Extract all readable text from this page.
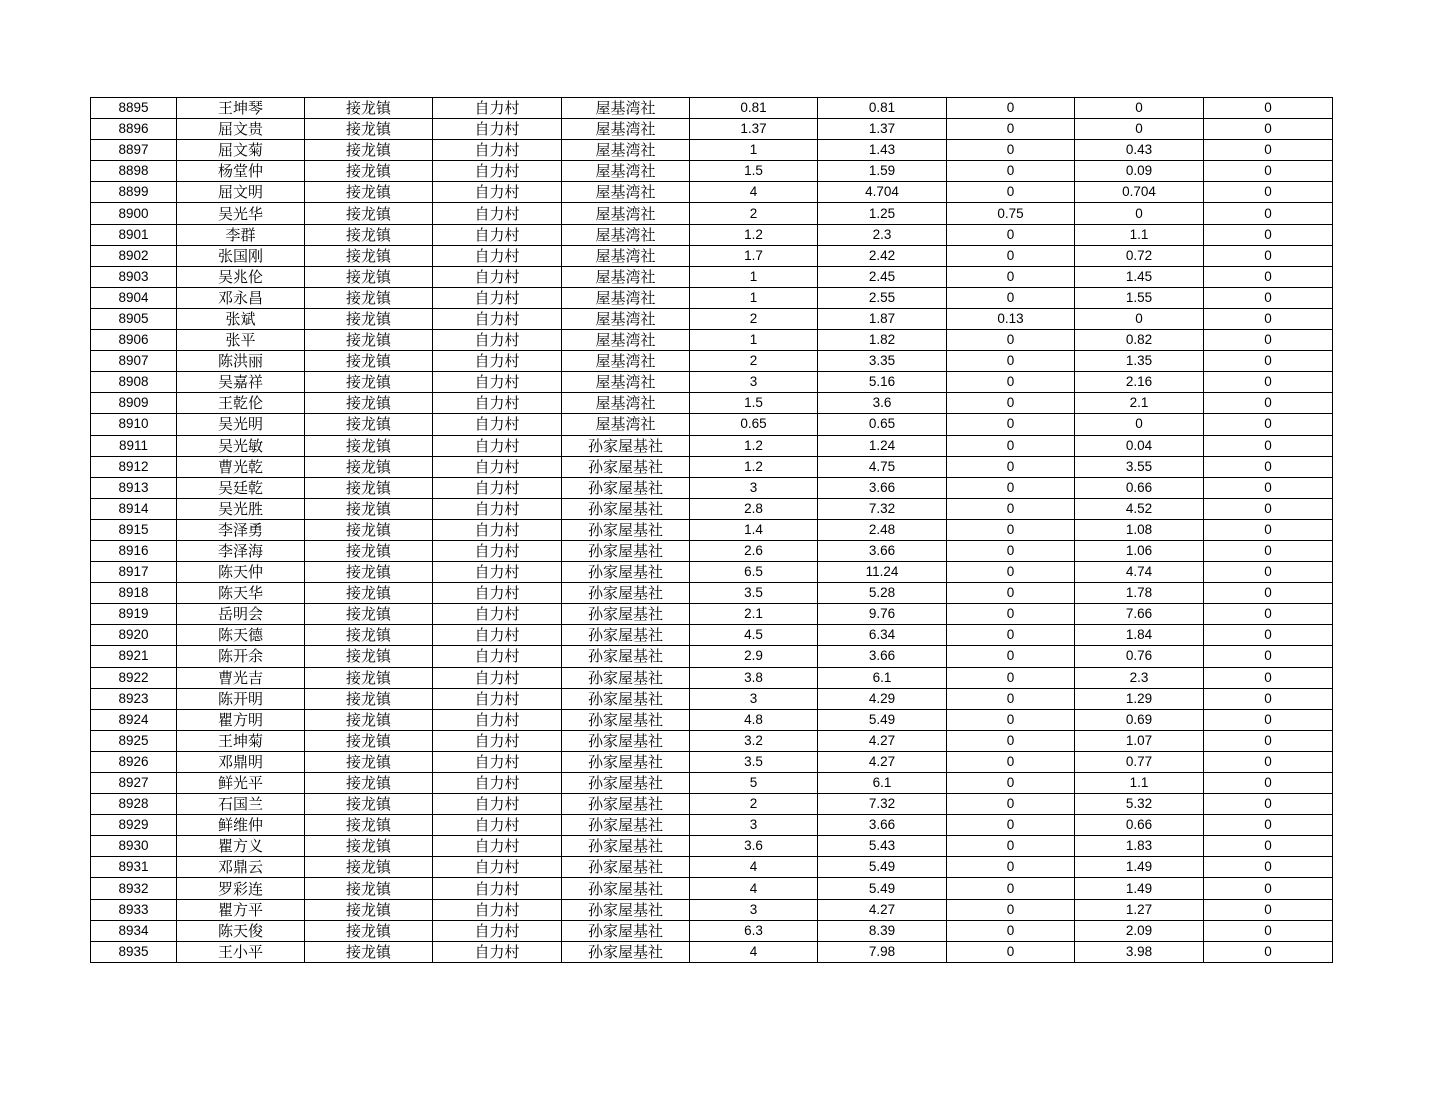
8895	王坤琴	接龙镇	自力村	屋基湾社	0.81	0.81	0	0	0
8896	屈文贵	接龙镇	自力村	屋基湾社	1.37	1.37	0	0	0
8897	屈文菊	接龙镇	自力村	屋基湾社	1	1.43	0	0.43	0
8898	杨堂仲	接龙镇	自力村	屋基湾社	1.5	1.59	0	0.09	0
8899	屈文明	接龙镇	自力村	屋基湾社	4	4.704	0	0.704	0
8900	吴光华	接龙镇	自力村	屋基湾社	2	1.25	0.75	0	0
8901	李群	接龙镇	自力村	屋基湾社	1.2	2.3	0	1.1	0
8902	张国刚	接龙镇	自力村	屋基湾社	1.7	2.42	0	0.72	0
8903	吴兆伦	接龙镇	自力村	屋基湾社	1	2.45	0	1.45	0
8904	邓永昌	接龙镇	自力村	屋基湾社	1	2.55	0	1.55	0
8905	张斌	接龙镇	自力村	屋基湾社	2	1.87	0.13	0	0
8906	张平	接龙镇	自力村	屋基湾社	1	1.82	0	0.82	0
8907	陈洪丽	接龙镇	自力村	屋基湾社	2	3.35	0	1.35	0
8908	吴嘉祥	接龙镇	自力村	屋基湾社	3	5.16	0	2.16	0
8909	王乾伦	接龙镇	自力村	屋基湾社	1.5	3.6	0	2.1	0
8910	吴光明	接龙镇	自力村	屋基湾社	0.65	0.65	0	0	0
8911	吴光敏	接龙镇	自力村	孙家屋基社	1.2	1.24	0	0.04	0
8912	曹光乾	接龙镇	自力村	孙家屋基社	1.2	4.75	0	3.55	0
8913	吴廷乾	接龙镇	自力村	孙家屋基社	3	3.66	0	0.66	0
8914	吴光胜	接龙镇	自力村	孙家屋基社	2.8	7.32	0	4.52	0
8915	李泽勇	接龙镇	自力村	孙家屋基社	1.4	2.48	0	1.08	0
8916	李泽海	接龙镇	自力村	孙家屋基社	2.6	3.66	0	1.06	0
8917	陈天仲	接龙镇	自力村	孙家屋基社	6.5	11.24	0	4.74	0
8918	陈天华	接龙镇	自力村	孙家屋基社	3.5	5.28	0	1.78	0
8919	岳明会	接龙镇	自力村	孙家屋基社	2.1	9.76	0	7.66	0
8920	陈天德	接龙镇	自力村	孙家屋基社	4.5	6.34	0	1.84	0
8921	陈开余	接龙镇	自力村	孙家屋基社	2.9	3.66	0	0.76	0
8922	曹光吉	接龙镇	自力村	孙家屋基社	3.8	6.1	0	2.3	0
8923	陈开明	接龙镇	自力村	孙家屋基社	3	4.29	0	1.29	0
8924	瞿方明	接龙镇	自力村	孙家屋基社	4.8	5.49	0	0.69	0
8925	王坤菊	接龙镇	自力村	孙家屋基社	3.2	4.27	0	1.07	0
8926	邓鼎明	接龙镇	自力村	孙家屋基社	3.5	4.27	0	0.77	0
8927	鲜光平	接龙镇	自力村	孙家屋基社	5	6.1	0	1.1	0
8928	石国兰	接龙镇	自力村	孙家屋基社	2	7.32	0	5.32	0
8929	鲜维仲	接龙镇	自力村	孙家屋基社	3	3.66	0	0.66	0
8930	瞿方义	接龙镇	自力村	孙家屋基社	3.6	5.43	0	1.83	0
8931	邓鼎云	接龙镇	自力村	孙家屋基社	4	5.49	0	1.49	0
8932	罗彩连	接龙镇	自力村	孙家屋基社	4	5.49	0	1.49	0
8933	瞿方平	接龙镇	自力村	孙家屋基社	3	4.27	0	1.27	0
8934	陈天俊	接龙镇	自力村	孙家屋基社	6.3	8.39	0	2.09	0
8935	王小平	接龙镇	自力村	孙家屋基社	4	7.98	0	3.98	0
